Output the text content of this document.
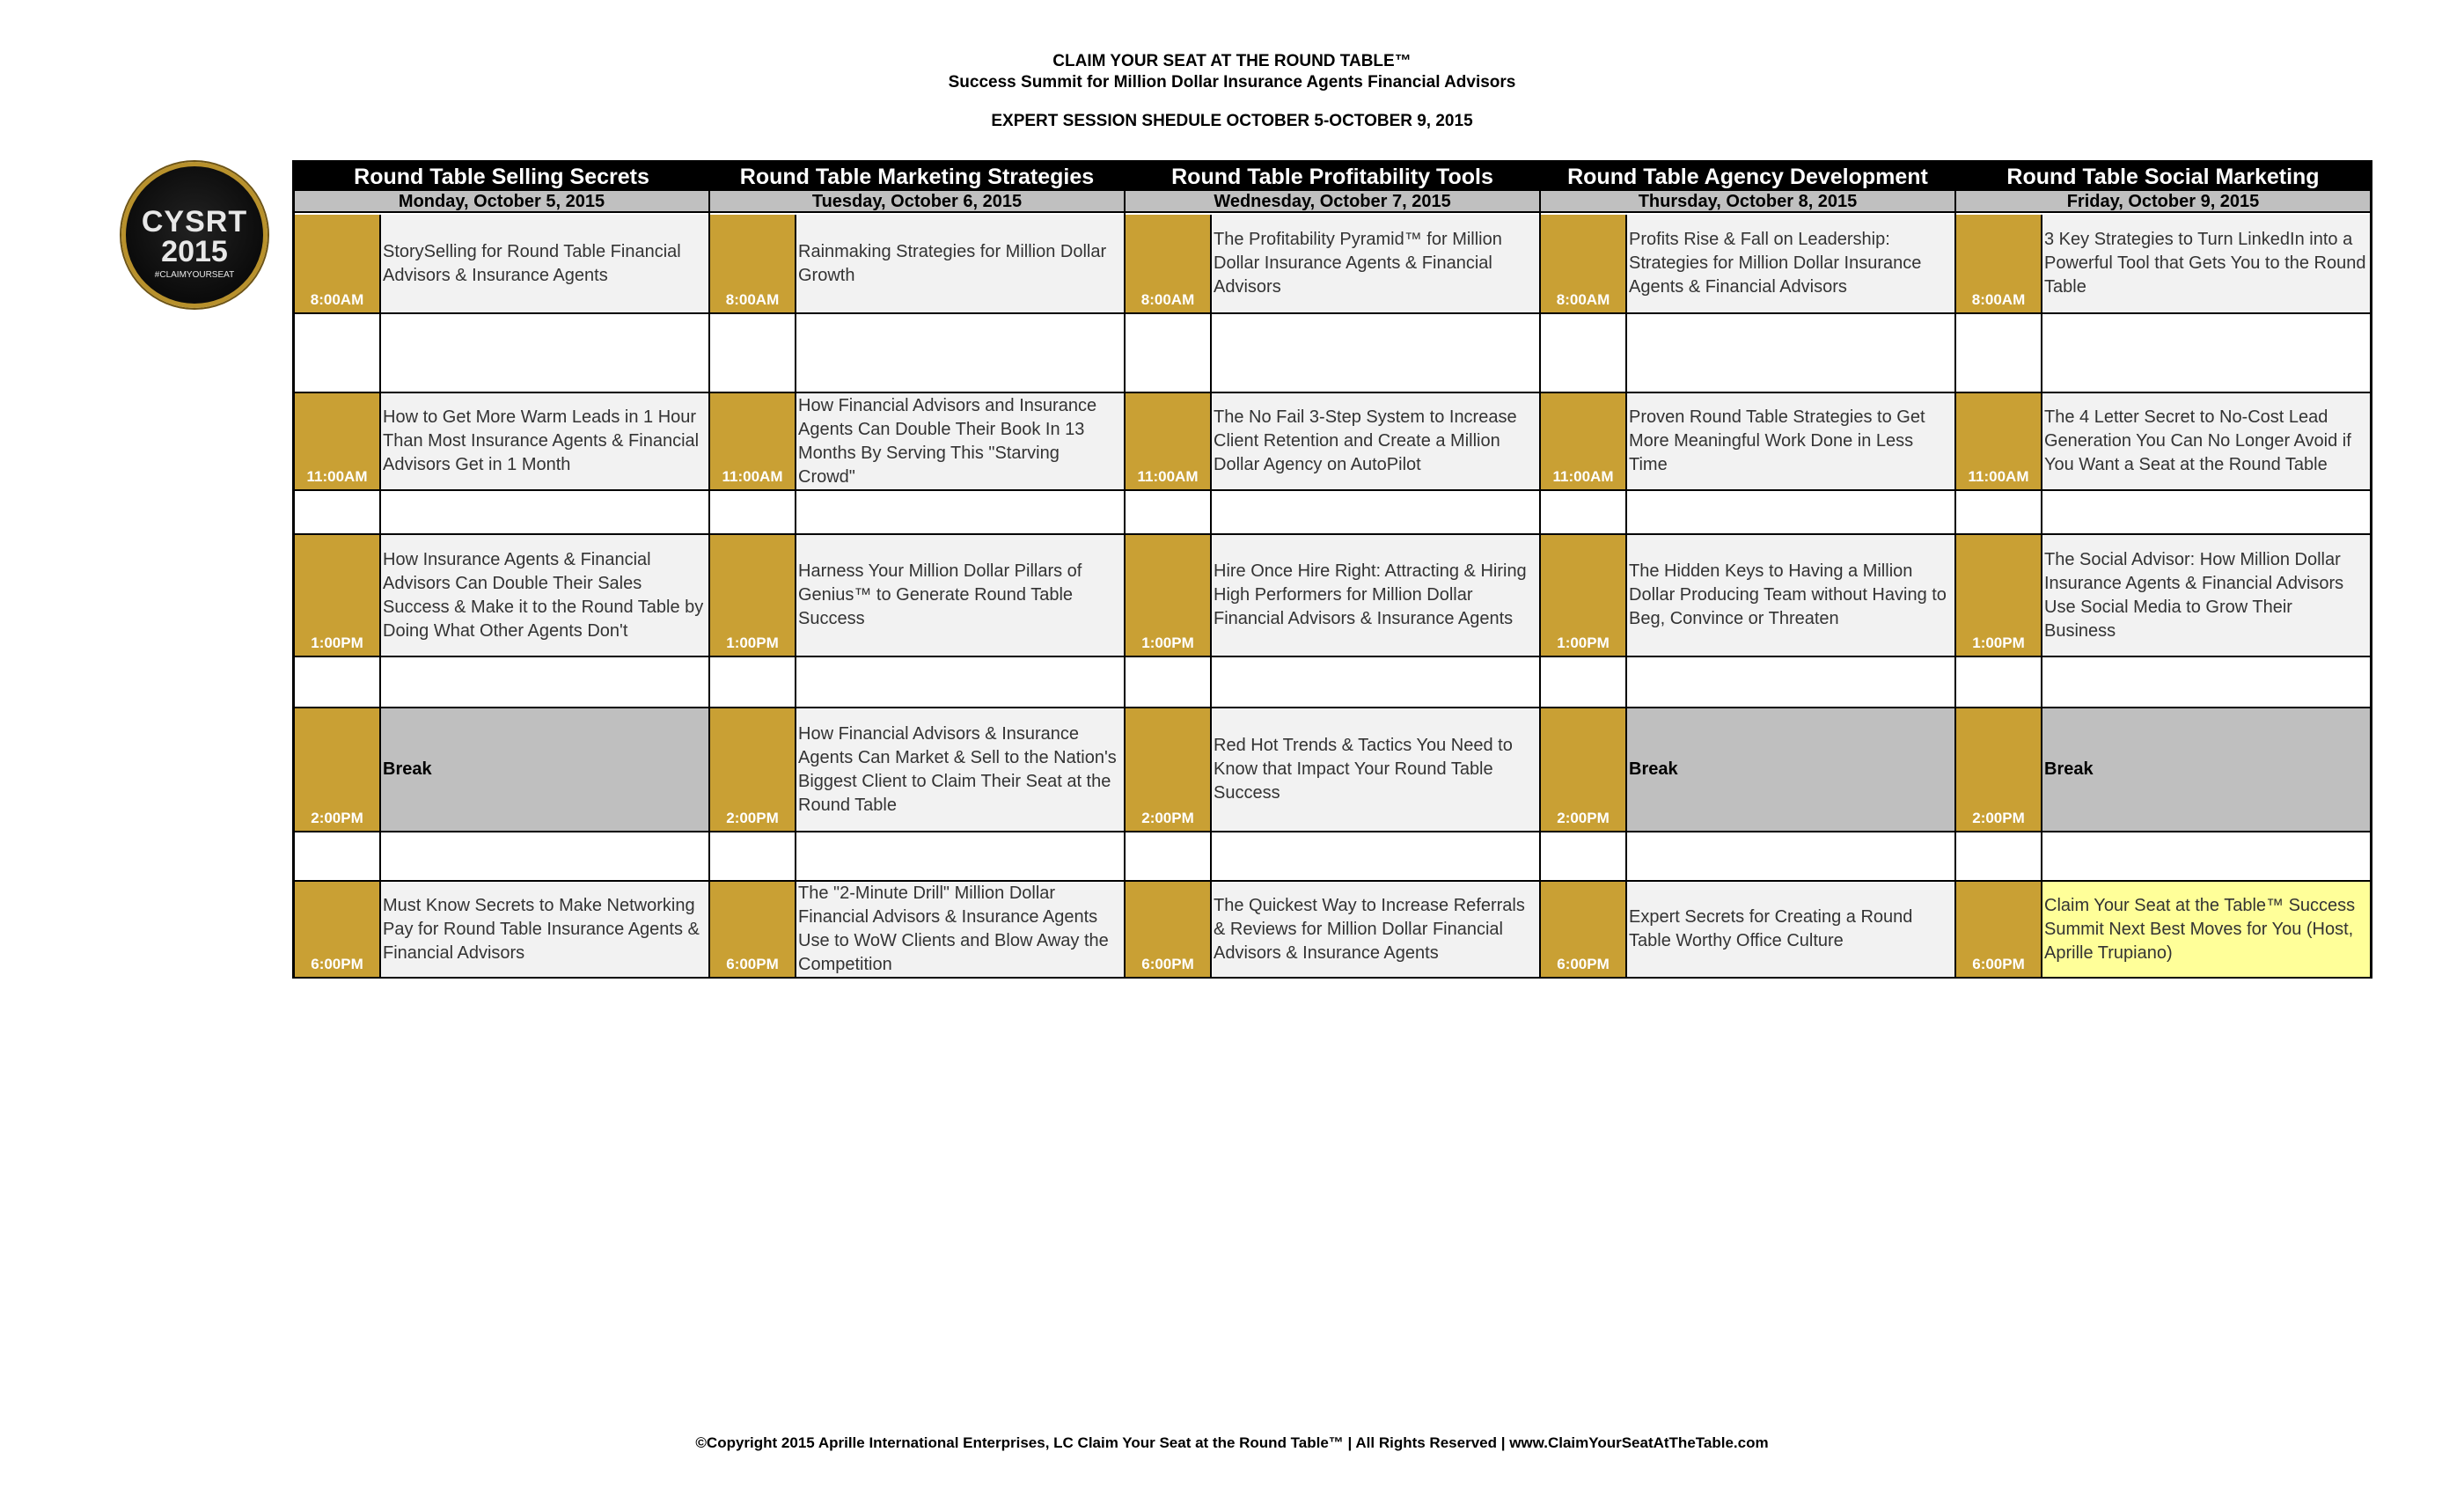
CLAIM YOUR SEAT AT THE ROUND TABLE™
Success Summit for Million Dollar Insurance Agents Financial Advisors
EXPERT SESSION SHEDULE OCTOBER 5-OCTOBER 9, 2015
CYSRT
2015
#CLAIMYOURSEAT
Round Table Selling Secrets
Monday, October 5, 2015
8:00AM
StorySelling for Round Table Financial Advisors & Insurance Agents
11:00AM
How to Get More Warm Leads in 1 Hour Than Most Insurance Agents & Financial Advisors Get in 1 Month
1:00PM
How Insurance Agents & Financial Advisors Can Double Their Sales Success & Make it to the Round Table by Doing What Other Agents Don't
2:00PM
Break
6:00PM
Must Know Secrets to Make Networking Pay for Round Table Insurance Agents & Financial Advisors
Round Table Marketing Strategies
Tuesday, October 6, 2015
8:00AM
Rainmaking Strategies for Million Dollar Growth
11:00AM
How Financial Advisors and Insurance Agents Can Double Their Book In 13 Months By Serving This "Starving Crowd"
1:00PM
Harness Your Million Dollar Pillars of Genius™ to Generate Round Table Success
2:00PM
How Financial Advisors & Insurance Agents Can Market & Sell to the Nation's Biggest Client to Claim Their Seat at the Round Table
6:00PM
The "2-Minute Drill" Million Dollar Financial Advisors & Insurance Agents Use to WoW Clients and Blow Away the Competition
Round Table Profitability Tools
Wednesday, October 7, 2015
8:00AM
The Profitability Pyramid™ for Million Dollar Insurance Agents & Financial Advisors
11:00AM
The No Fail 3-Step System to Increase Client Retention and Create a Million Dollar Agency on AutoPilot
1:00PM
Hire Once Hire Right: Attracting & Hiring High Performers for Million Dollar Financial Advisors & Insurance Agents
2:00PM
Red Hot Trends & Tactics You Need to Know that Impact Your Round Table Success
6:00PM
The Quickest Way to Increase Referrals & Reviews for Million Dollar Financial Advisors & Insurance Agents
Round Table Agency Development
Thursday, October 8, 2015
8:00AM
Profits Rise & Fall on Leadership: Strategies for Million Dollar Insurance Agents & Financial Advisors
11:00AM
Proven Round Table Strategies to Get More Meaningful Work Done in Less Time
1:00PM
The Hidden Keys to Having a Million Dollar Producing Team without Having to Beg, Convince or Threaten
2:00PM
Break
6:00PM
Expert Secrets for Creating a Round Table Worthy Office Culture
Round Table Social Marketing
Friday, October 9, 2015
8:00AM
3 Key Strategies to Turn LinkedIn into a Powerful Tool that Gets You to the Round Table
11:00AM
The 4 Letter Secret to No-Cost Lead Generation You Can No Longer Avoid if You Want a Seat at the Round Table
1:00PM
The Social Advisor: How Million Dollar Insurance Agents & Financial Advisors Use Social Media to Grow Their Business
2:00PM
Break
6:00PM
Claim Your Seat at the Table™ Success Summit Next Best Moves for You (Host, Aprille Trupiano)
©Copyright 2015 Aprille International Enterprises, LC Claim Your Seat at the Round Table™ | All Rights Reserved | www.ClaimYourSeatAtTheTable.com
